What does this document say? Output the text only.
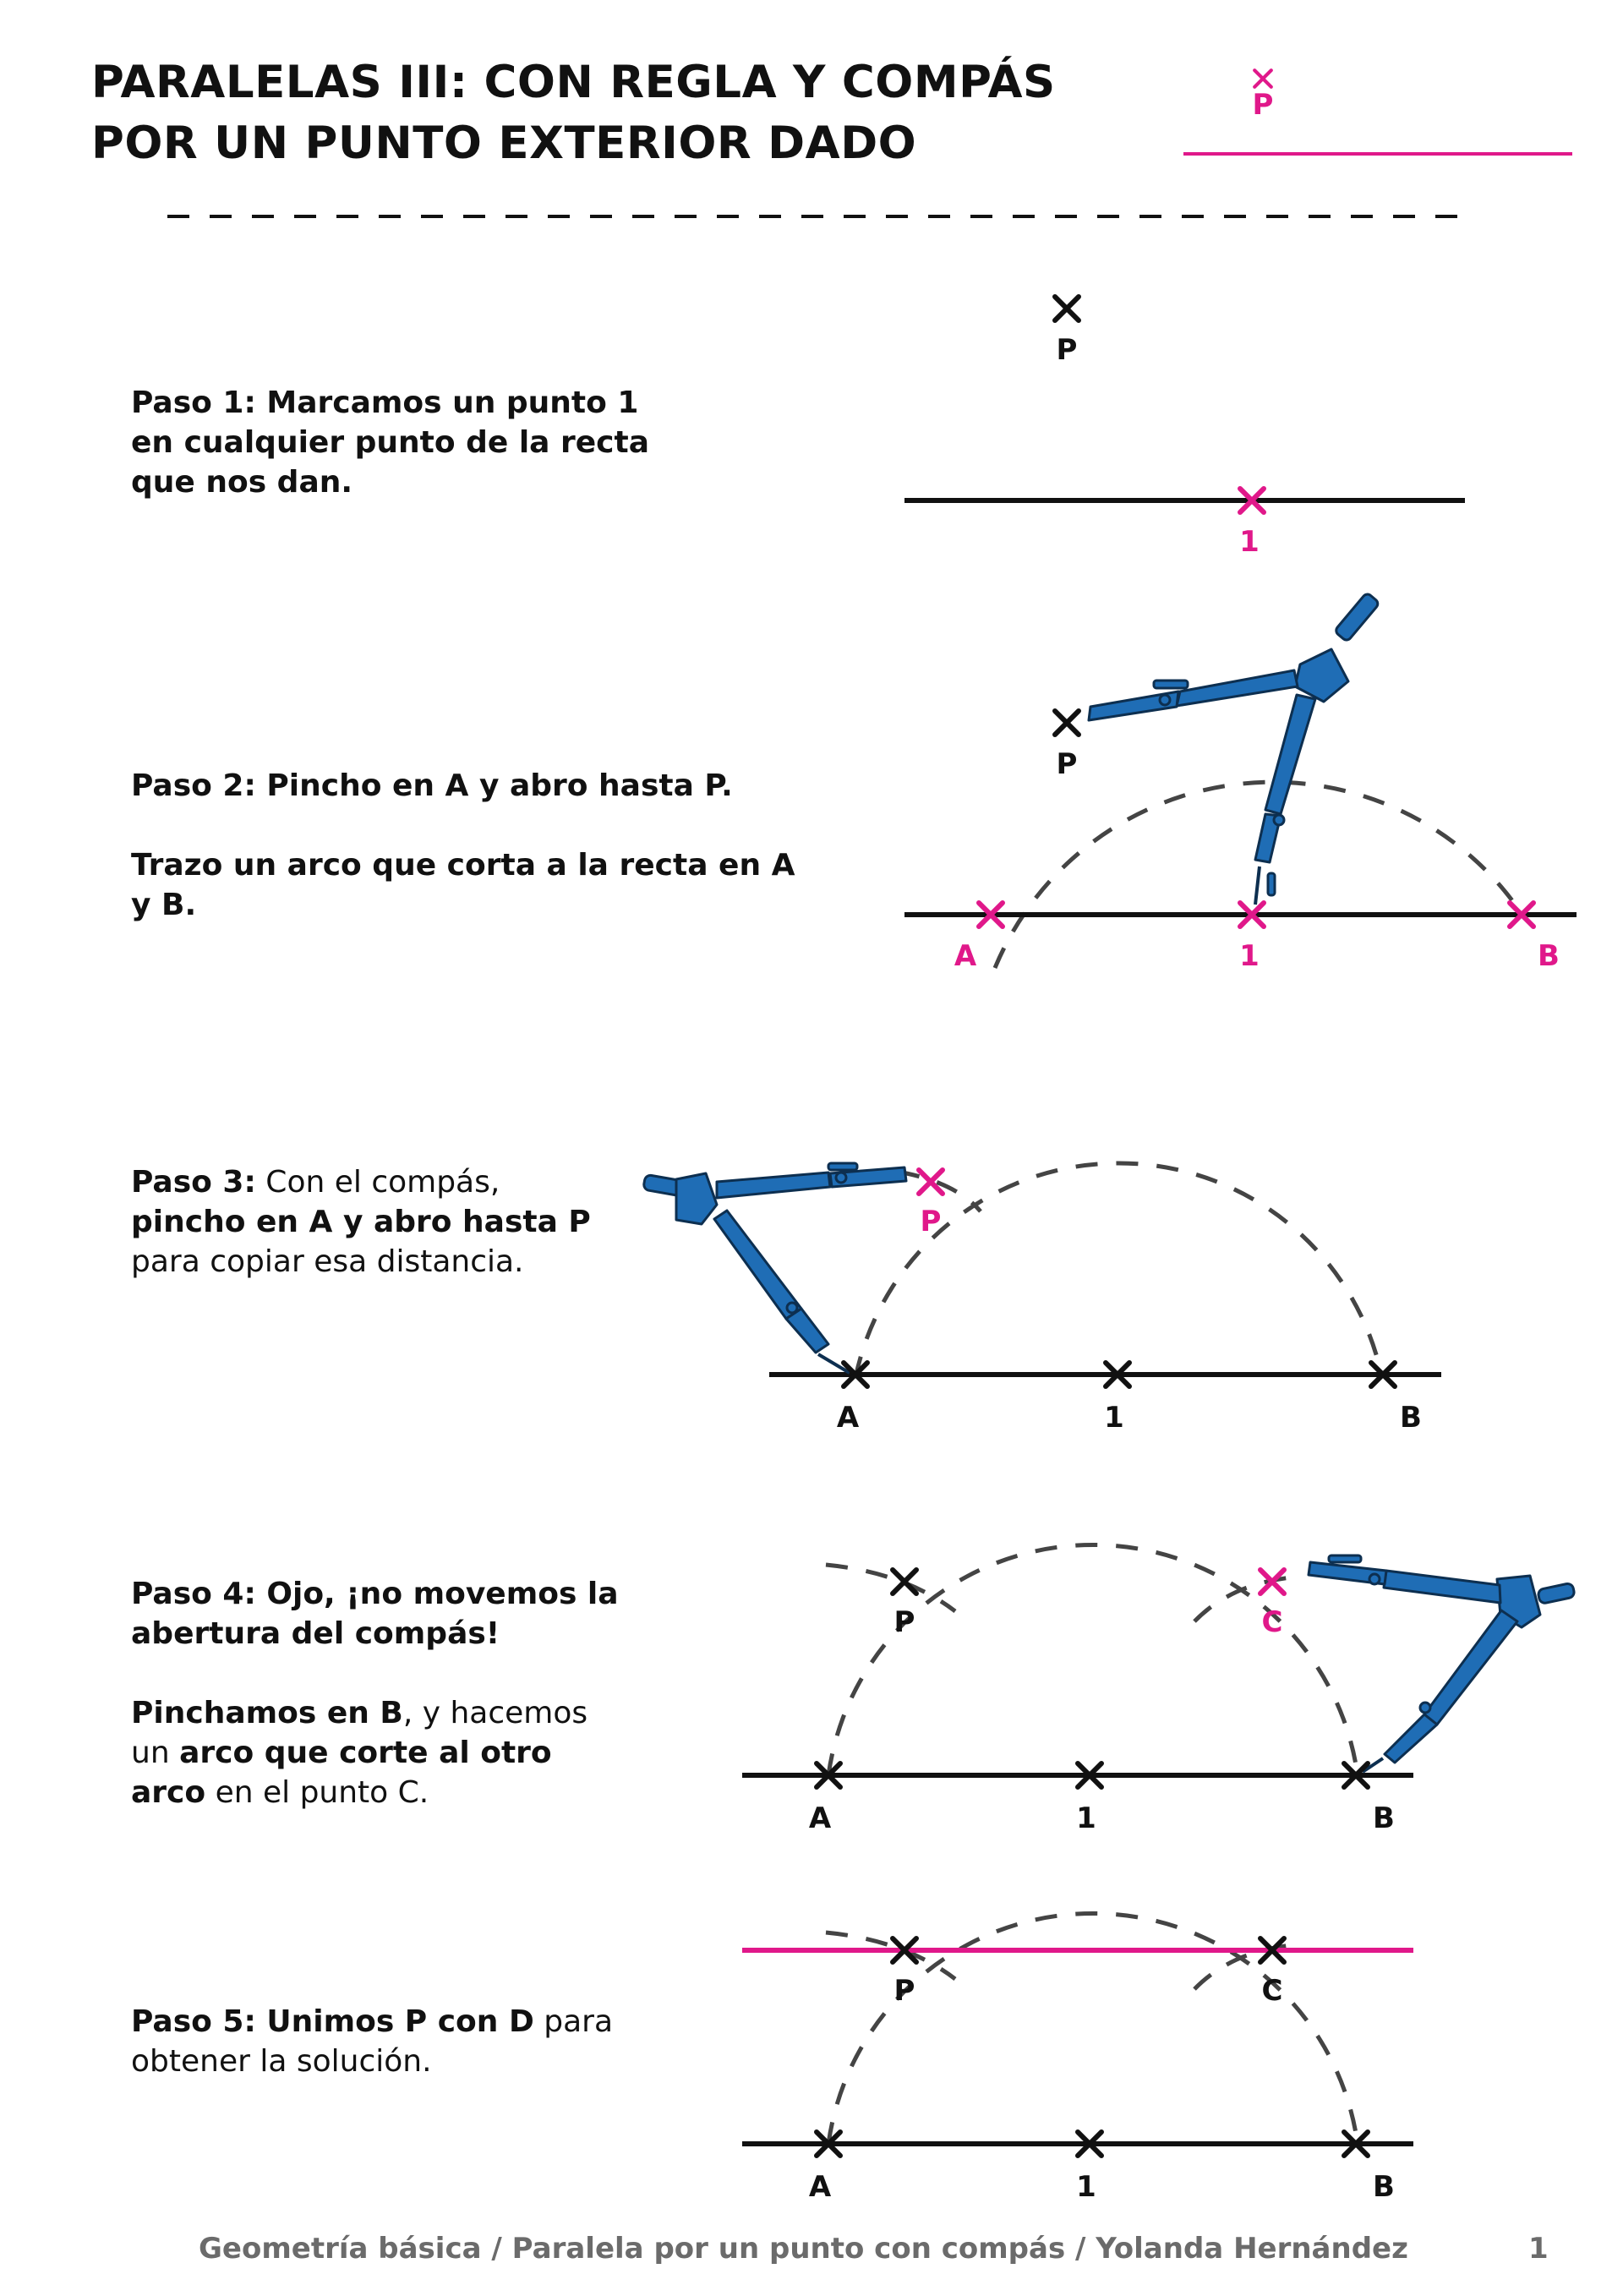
PARALELAS III: CON REGLA Y COMPÁS
POR UN PUNTO EXTERIOR DADO
Paso 1: Marcamos un punto 1
en cualquier punto de la recta
que nos dan.
Paso 2: Pincho en A y abro hasta P.
Trazo un arco que corta a la recta en A
y B.
Paso 3: Con el compás,
pincho en A y abro hasta P
para copiar esa distancia.
Paso 4: Ojo, ¡no movemos la
abertura del compás!
Pinchamos en B, y hacemos
un arco que corte al otro
arco en el punto C.
Paso 5: Unimos P con D para
obtener la solución.
P
P
1
P
A	1	B
P
A	1	B
P	C
A	1	B
P	C
A	1	B
Geometría básica / Paralela por un punto con compás / Yolanda Hernández	1
